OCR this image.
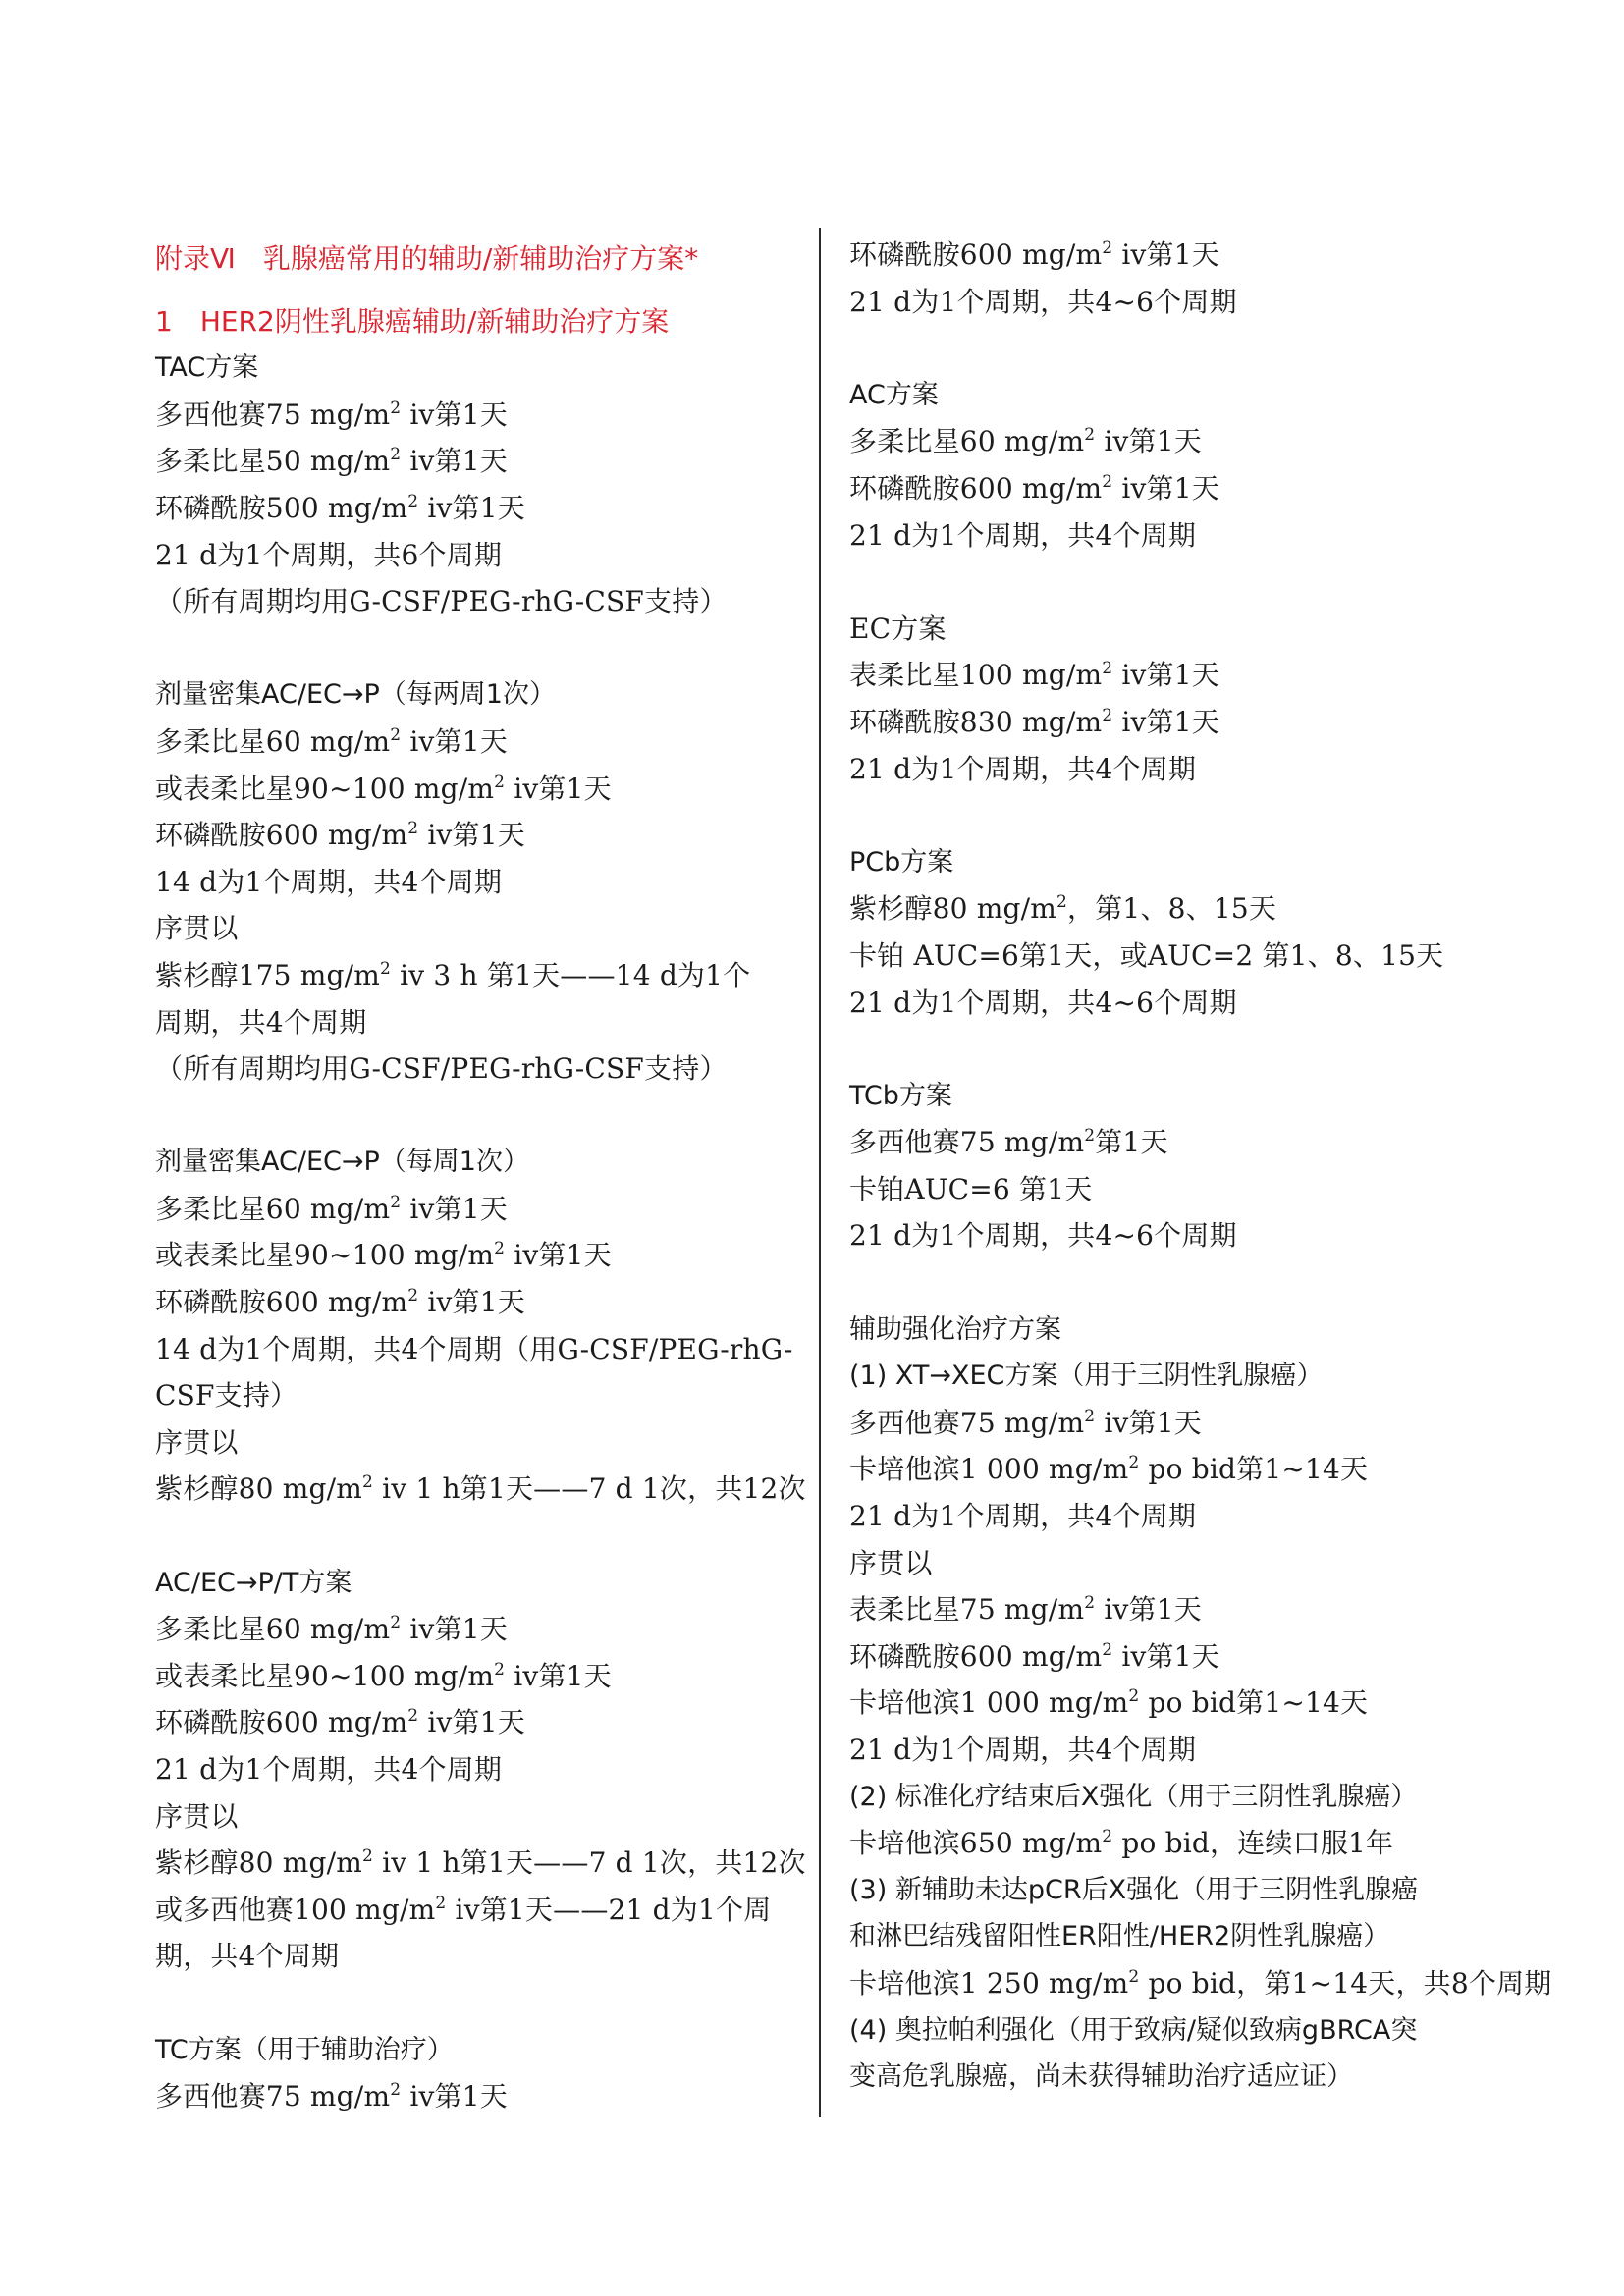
附录Ⅵ　乳腺癌常用的辅助/新辅助治疗方案*
1　HER2阴性乳腺癌辅助/新辅助治疗方案
TAC方案
多西他赛75 $mg/m^2$ iv第1天
多柔比星50 $mg/m^2$ iv第1天
环磷酰胺500 $mg/m^2$ iv第1天
21 d为1个周期，共6个周期
（所有周期均用G-CSF/PEG-rhG-CSF支持）
剂量密集AC/EC→P（每两周1次）
多柔比星60 $mg/m^2$ iv第1天
或表柔比星90~100 $mg/m^2$ iv第1天
环磷酰胺600 $mg/m^2$ iv第1天
14 d为1个周期，共4个周期
序贯以
紫杉醇175 $mg/m^2$ iv 3 h 第1天——14 d为1个
周期，共4个周期
（所有周期均用G-CSF/PEG-rhG-CSF支持）
剂量密集AC/EC→P（每周1次）
多柔比星60 $mg/m^2$ iv第1天
或表柔比星90~100 $mg/m^2$ iv第1天
环磷酰胺600 $mg/m^2$ iv第1天
14 d为1个周期，共4个周期（用G-CSF/PEG-rhG-
CSF支持）
序贯以
紫杉醇80 $mg/m^2$ iv 1 h第1天——7 d 1次，共12次
AC/EC→P/T方案
多柔比星60 $mg/m^2$ iv第1天
或表柔比星90~100 $mg/m^2$ iv第1天
环磷酰胺600 $mg/m^2$ iv第1天
21 d为1个周期，共4个周期
序贯以
紫杉醇80 $mg/m^2$ iv 1 h第1天——7 d 1次，共12次
或多西他赛100 $mg/m^2$ iv第1天——21 d为1个周
期，共4个周期
TC方案（用于辅助治疗）
多西他赛75 $mg/m^2$ iv第1天
环磷酰胺600 $mg/m^2$ iv第1天
21 d为1个周期，共4~6个周期
AC方案
多柔比星60 $mg/m^2$ iv第1天
环磷酰胺600 $mg/m^2$ iv第1天
21 d为1个周期，共4个周期
EC方案
表柔比星100 $mg/m^2$ iv第1天
环磷酰胺830 $mg/m^2$ iv第1天
21 d为1个周期，共4个周期
PCb方案
紫杉醇80 $mg/m^2$，第1、8、15天
卡铂 AUC=6第1天，或AUC=2 第1、8、15天
21 d为1个周期，共4~6个周期
TCb方案
多西他赛75 $mg/m^2$第1天
卡铂AUC=6 第1天
21 d为1个周期，共4~6个周期
辅助强化治疗方案
(1) XT→XEC方案（用于三阴性乳腺癌）
多西他赛75 $mg/m^2$ iv第1天
卡培他滨1 000 $mg/m^2$ po bid第1~14天
21 d为1个周期，共4个周期
序贯以
表柔比星75 $mg/m^2$ iv第1天
环磷酰胺600 $mg/m^2$ iv第1天
卡培他滨1 000 $mg/m^2$ po bid第1~14天
21 d为1个周期，共4个周期
(2) 标准化疗结束后X强化（用于三阴性乳腺癌）
卡培他滨650 $mg/m^2$ po bid，连续口服1年
(3) 新辅助未达pCR后X强化（用于三阴性乳腺癌
和淋巴结残留阳性ER阳性/HER2阴性乳腺癌）
卡培他滨1 250 $mg/m^2$ po bid，第1~14天，共8个周期
(4) 奥拉帕利强化（用于致病/疑似致病gBRCA突
变高危乳腺癌，尚未获得辅助治疗适应证）
